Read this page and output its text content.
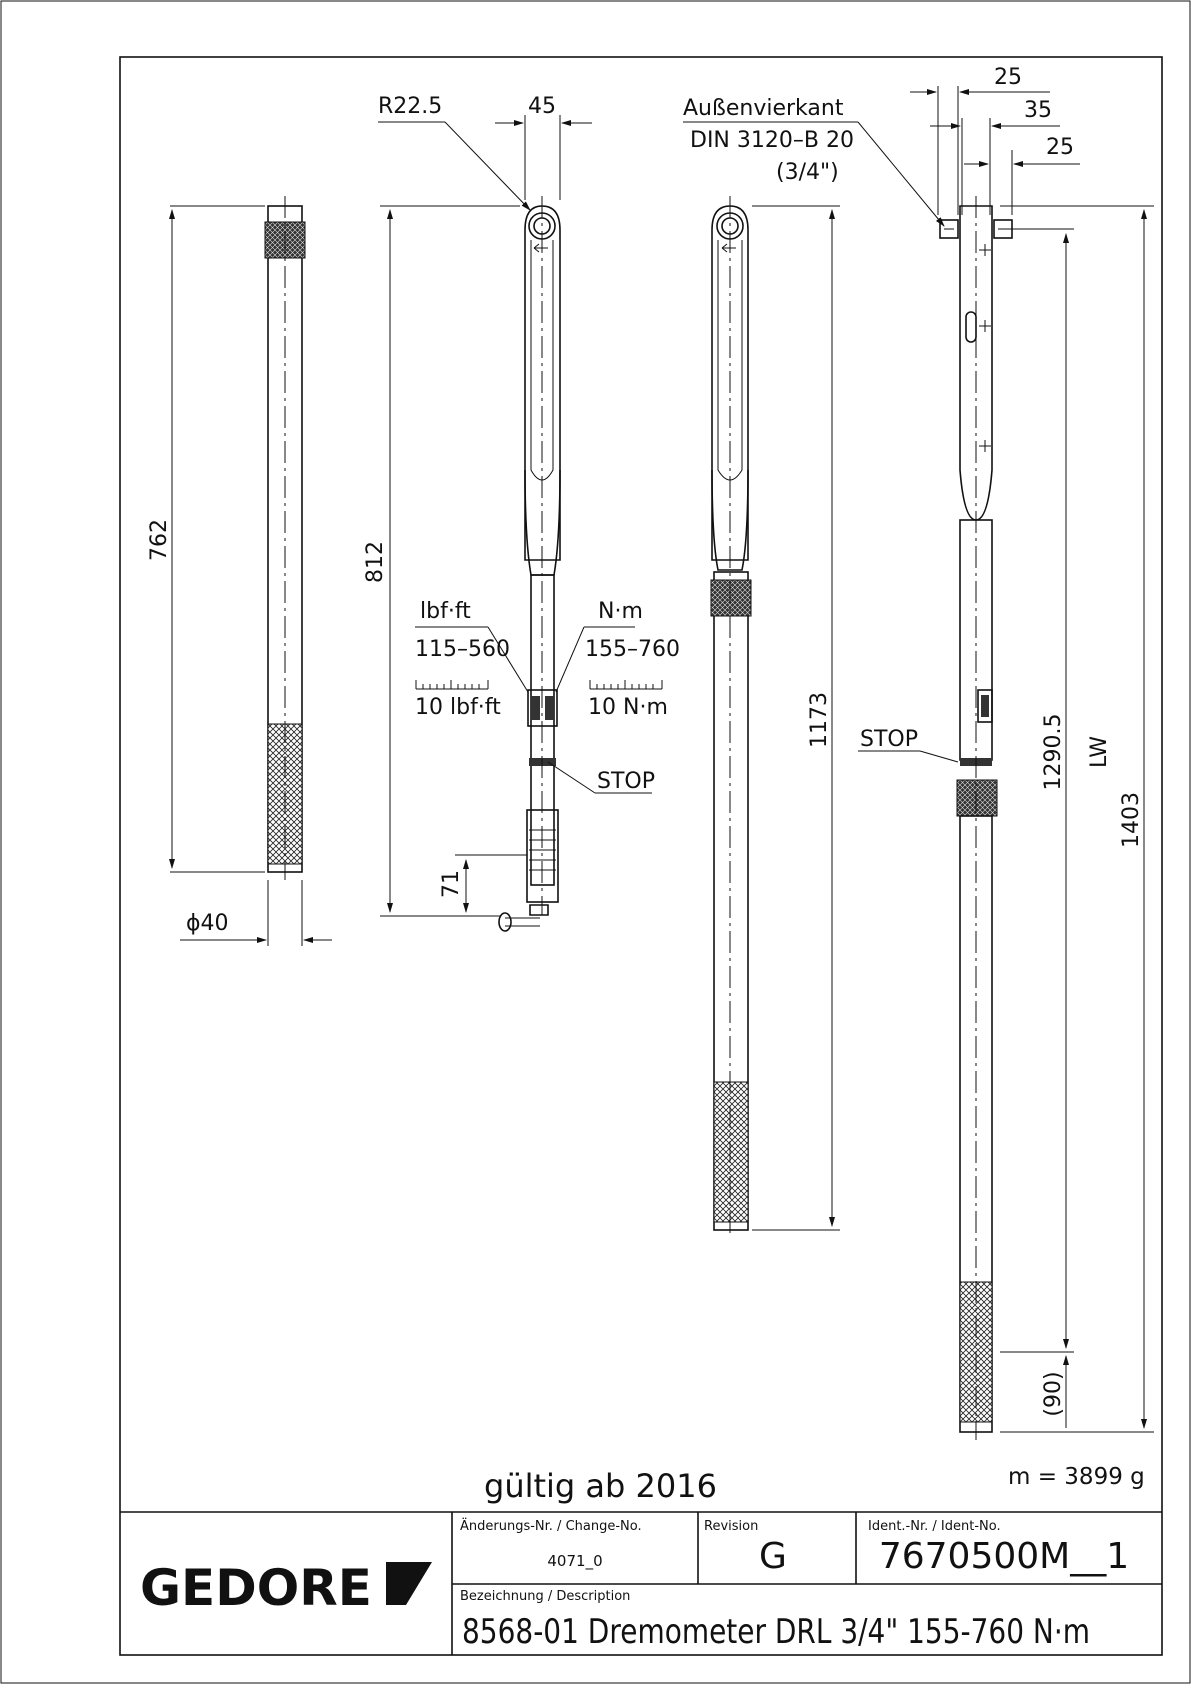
762
ϕ40
812
71
45
R22.5
lbf·ft
115–560
10 lbf·ft
N·m
155–760
10 N·m
STOP
1173 STOP
Außenvierkant
DIN 3120–B 20
(3/4")
25
35
25
1290.5 LW
1403
(90)
gültig ab 2016	m = 3899 g
GEDORE
Änderungs-Nr. / Change-No.
4071_0
Revision
G
Ident.-Nr. / Ident-No.
7670500M__1
Bezeichnung / Description
8568-01 Dremometer DRL 3/4" 155-760 N·m
